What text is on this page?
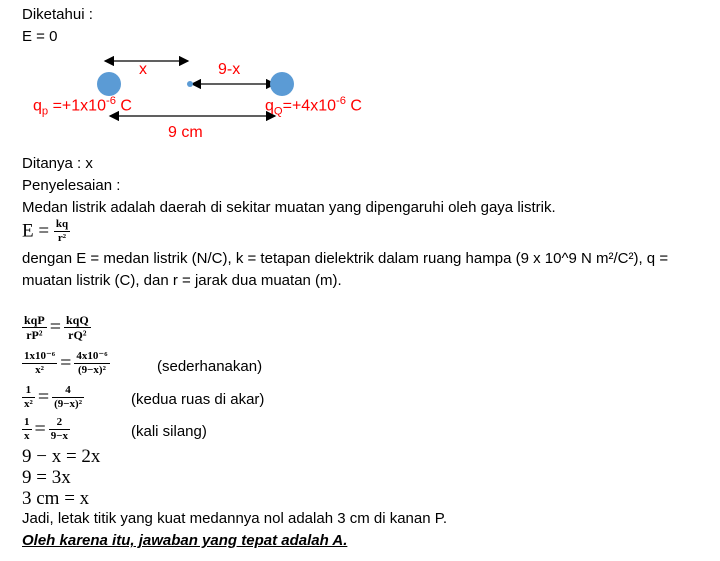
Diketahui :
E = 0
x	9-x
$q_p =+1x10^{-6}$ C	$q_Q=+4x10^{-6}$ C
9 cm
Ditanya : x
Penyelesaian :
Medan listrik adalah daerah di sekitar muatan yang dipengaruhi oleh gaya listrik.
$E = \frac{kq}{\text{r²}}$
dengan E = medan listrik (N/C), k = tetapan dielektrik dalam ruang hampa (9 x 10^9 N m²/C²), q =
muatan listrik (C), dan r = jarak dua muatan (m).
$\frac{\text{kqP}}{\text{rP²}} = \frac{\text{kqQ}}{\text{rQ²}}$
$\frac{\text{1x10⁻⁶}}{\text{x²}} = \frac{\text{4x10⁻⁶}}{\text{(9−x)²}}$	(sederhanakan)
$\frac{1}{\text{x²}} = \frac{4}{\text{(9−x)²}}$	(kedua ruas di akar)
$\frac{1}{x} = \frac{2}{9-x}$	(kali silang)
9 − x = 2x
9 = 3x
3 cm = x
Jadi, letak titik yang kuat medannya nol adalah 3 cm di kanan P.
Oleh karena itu, jawaban yang tepat adalah A.
